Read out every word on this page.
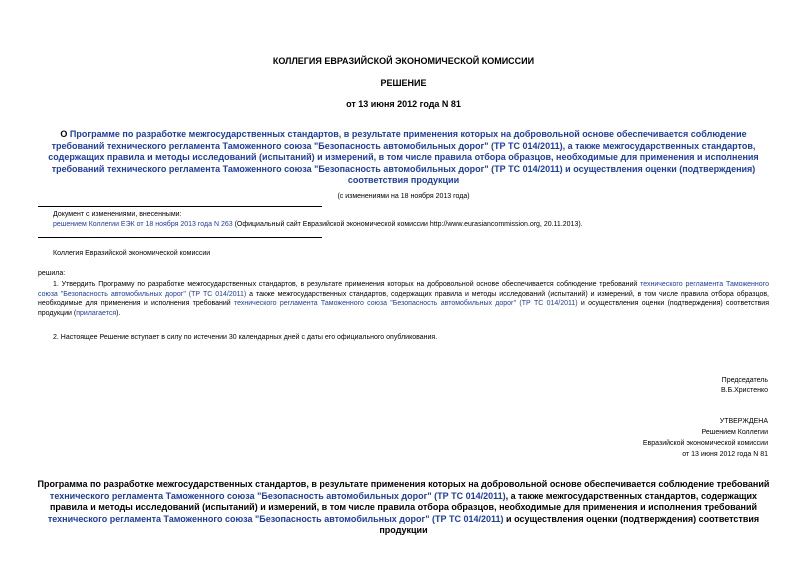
КОЛЛЕГИЯ ЕВРАЗИЙСКОЙ ЭКОНОМИЧЕСКОЙ КОМИССИИ
РЕШЕНИЕ
от 13 июня 2012 года N 81
О Программе по разработке межгосударственных стандартов, в результате применения которых на добровольной основе обеспечивается соблюдение требований технического регламента Таможенного союза "Безопасность автомобильных дорог" (ТР ТС 014/2011), а также межгосударственных стандартов, содержащих правила и методы исследований (испытаний) и измерений, в том числе правила отбора образцов, необходимые для применения и исполнения требований технического регламента Таможенного союза "Безопасность автомобильных дорог" (ТР ТС 014/2011) и осуществления оценки (подтверждения) соответствия продукции
(с изменениями на 18 ноября 2013 года)
Документ с изменениями, внесенными:
решением Коллегии ЕЭК от 18 ноября 2013 года N 263 (Официальный сайт Евразийской экономической комиссии http://www.eurasiancommission.org, 20.11.2013).
Коллегия Евразийской экономической комиссии
решила:
1. Утвердить Программу по разработке межгосударственных стандартов, в результате применения которых на добровольной основе обеспечивается соблюдение требований технического регламента Таможенного союза "Безопасность автомобильных дорог" (ТР ТС 014/2011) а также межгосударственных стандартов, содержащих правила и методы исследований (испытаний) и измерений, в том числе правила отбора образцов, необходимые для применения и исполнения требований технического регламента Таможенного союза "Безопасность автомобильных дорог" (ТР ТС 014/2011) и осуществления оценки (подтверждения) соответствия продукции (прилагается).
2. Настоящее Решение вступает в силу по истечении 30 календарных дней с даты его официального опубликования.
Председатель
В.Б.Христенко
УТВЕРЖДЕНА
Решением Коллегии
Евразийской экономической комиссии
от 13 июня 2012 года N 81
Программа по разработке межгосударственных стандартов, в результате применения которых на добровольной основе обеспечивается соблюдение требований технического регламента Таможенного союза "Безопасность автомобильных дорог" (ТР ТС 014/2011), а также межгосударственных стандартов, содержащих правила и методы исследований (испытаний) и измерений, в том числе правила отбора образцов, необходимые для применения и исполнения требований технического регламента Таможенного союза "Безопасность автомобильных дорог" (ТР ТС 014/2011) и осуществления оценки (подтверждения) соответствия продукции
